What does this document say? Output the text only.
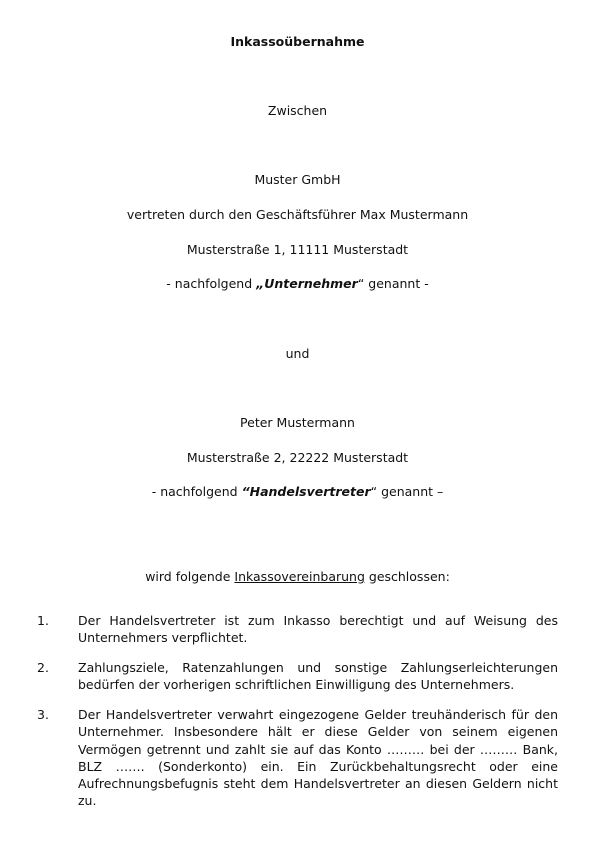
Inkassoübernahme
Zwischen
Muster GmbH
vertreten durch den Geschäftsführer Max Mustermann
Musterstraße 1, 11111 Musterstadt
- nachfolgend „Unternehmer“ genannt -
und
Peter Mustermann
Musterstraße 2, 22222 Musterstadt
- nachfolgend “Handelsvertreter“ genannt –
wird folgende Inkassovereinbarung geschlossen:
1.	Der Handelsvertreter ist zum Inkasso berechtigt und auf Weisung des Unternehmers verpflichtet.
2.	Zahlungsziele, Ratenzahlungen und sonstige Zahlungserleichterungen bedürfen der vorherigen schriftlichen Einwilligung des Unternehmers.
3.	Der Handelsvertreter verwahrt eingezogene Gelder treuhänderisch für den Unternehmer. Insbesondere hält er diese Gelder von seinem eigenen Vermögen getrennt und zahlt sie auf das Konto ……… bei der ……… Bank, BLZ ……. (Sonderkonto) ein. Ein Zurückbehaltungsrecht oder eine Aufrechnungsbefugnis steht dem Handelsvertreter an diesen Geldern nicht zu.
